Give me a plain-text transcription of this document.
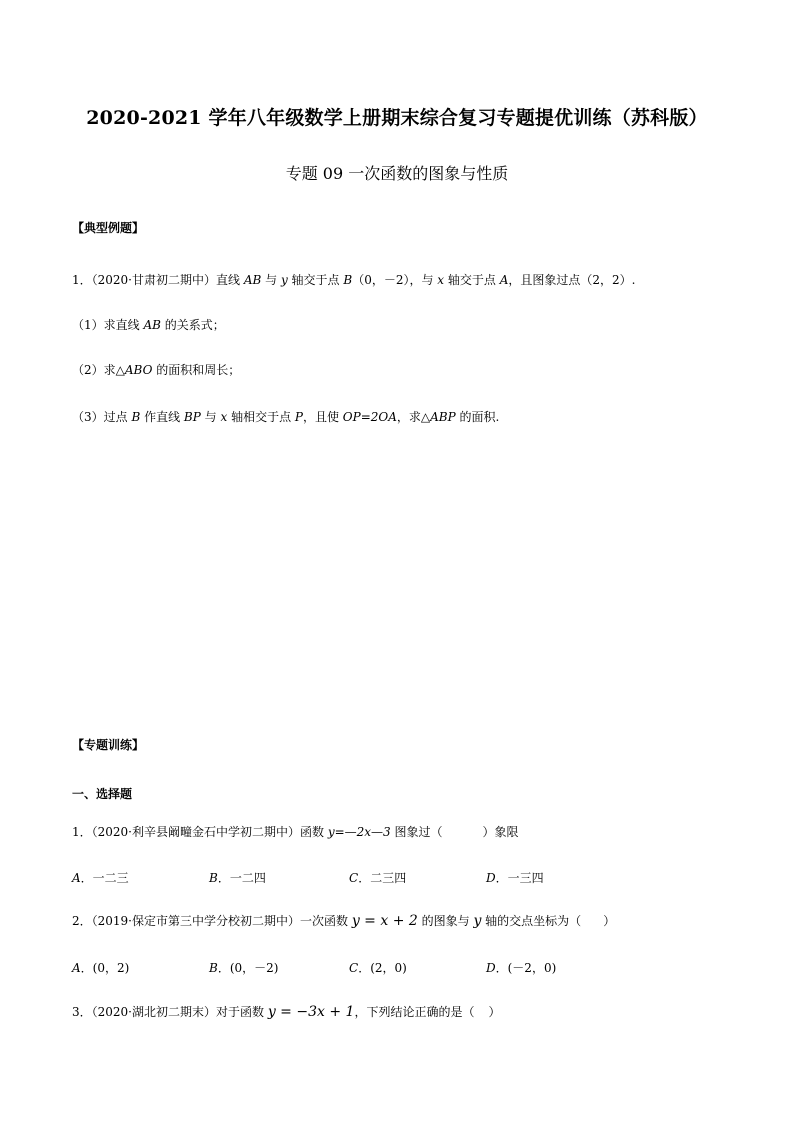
2020-2021 学年八年级数学上册期末综合复习专题提优训练（苏科版）
专题 09 一次函数的图象与性质
【典型例题】
1．（2020·甘肃初二期中）直线 AB 与 y 轴交于点 B（0，－2），与 x 轴交于点 A，且图象过点（2，2）.
（1）求直线 AB 的关系式；
（2）求△ABO 的面积和周长；
（3）过点 B 作直线 BP 与 x 轴相交于点 P，且使 OP=2OA，求△ABP 的面积.
【专题训练】
一、选择题
1．（2020·利辛县阚疃金石中学初二期中）函数 y=—2x—3 图象过（	）象限
A．一二三	B．一二四	C．二三四	D．一三四
2．（2019·保定市第三中学分校初二期中）一次函数 y = x + 2 的图象与 y 轴的交点坐标为（ ）
A．(0，2)	B．(0，－2)	C．(2，0)	D．(－2，0)
3．（2020·湖北初二期末）对于函数 y = −3x + 1，下列结论正确的是（ ）
